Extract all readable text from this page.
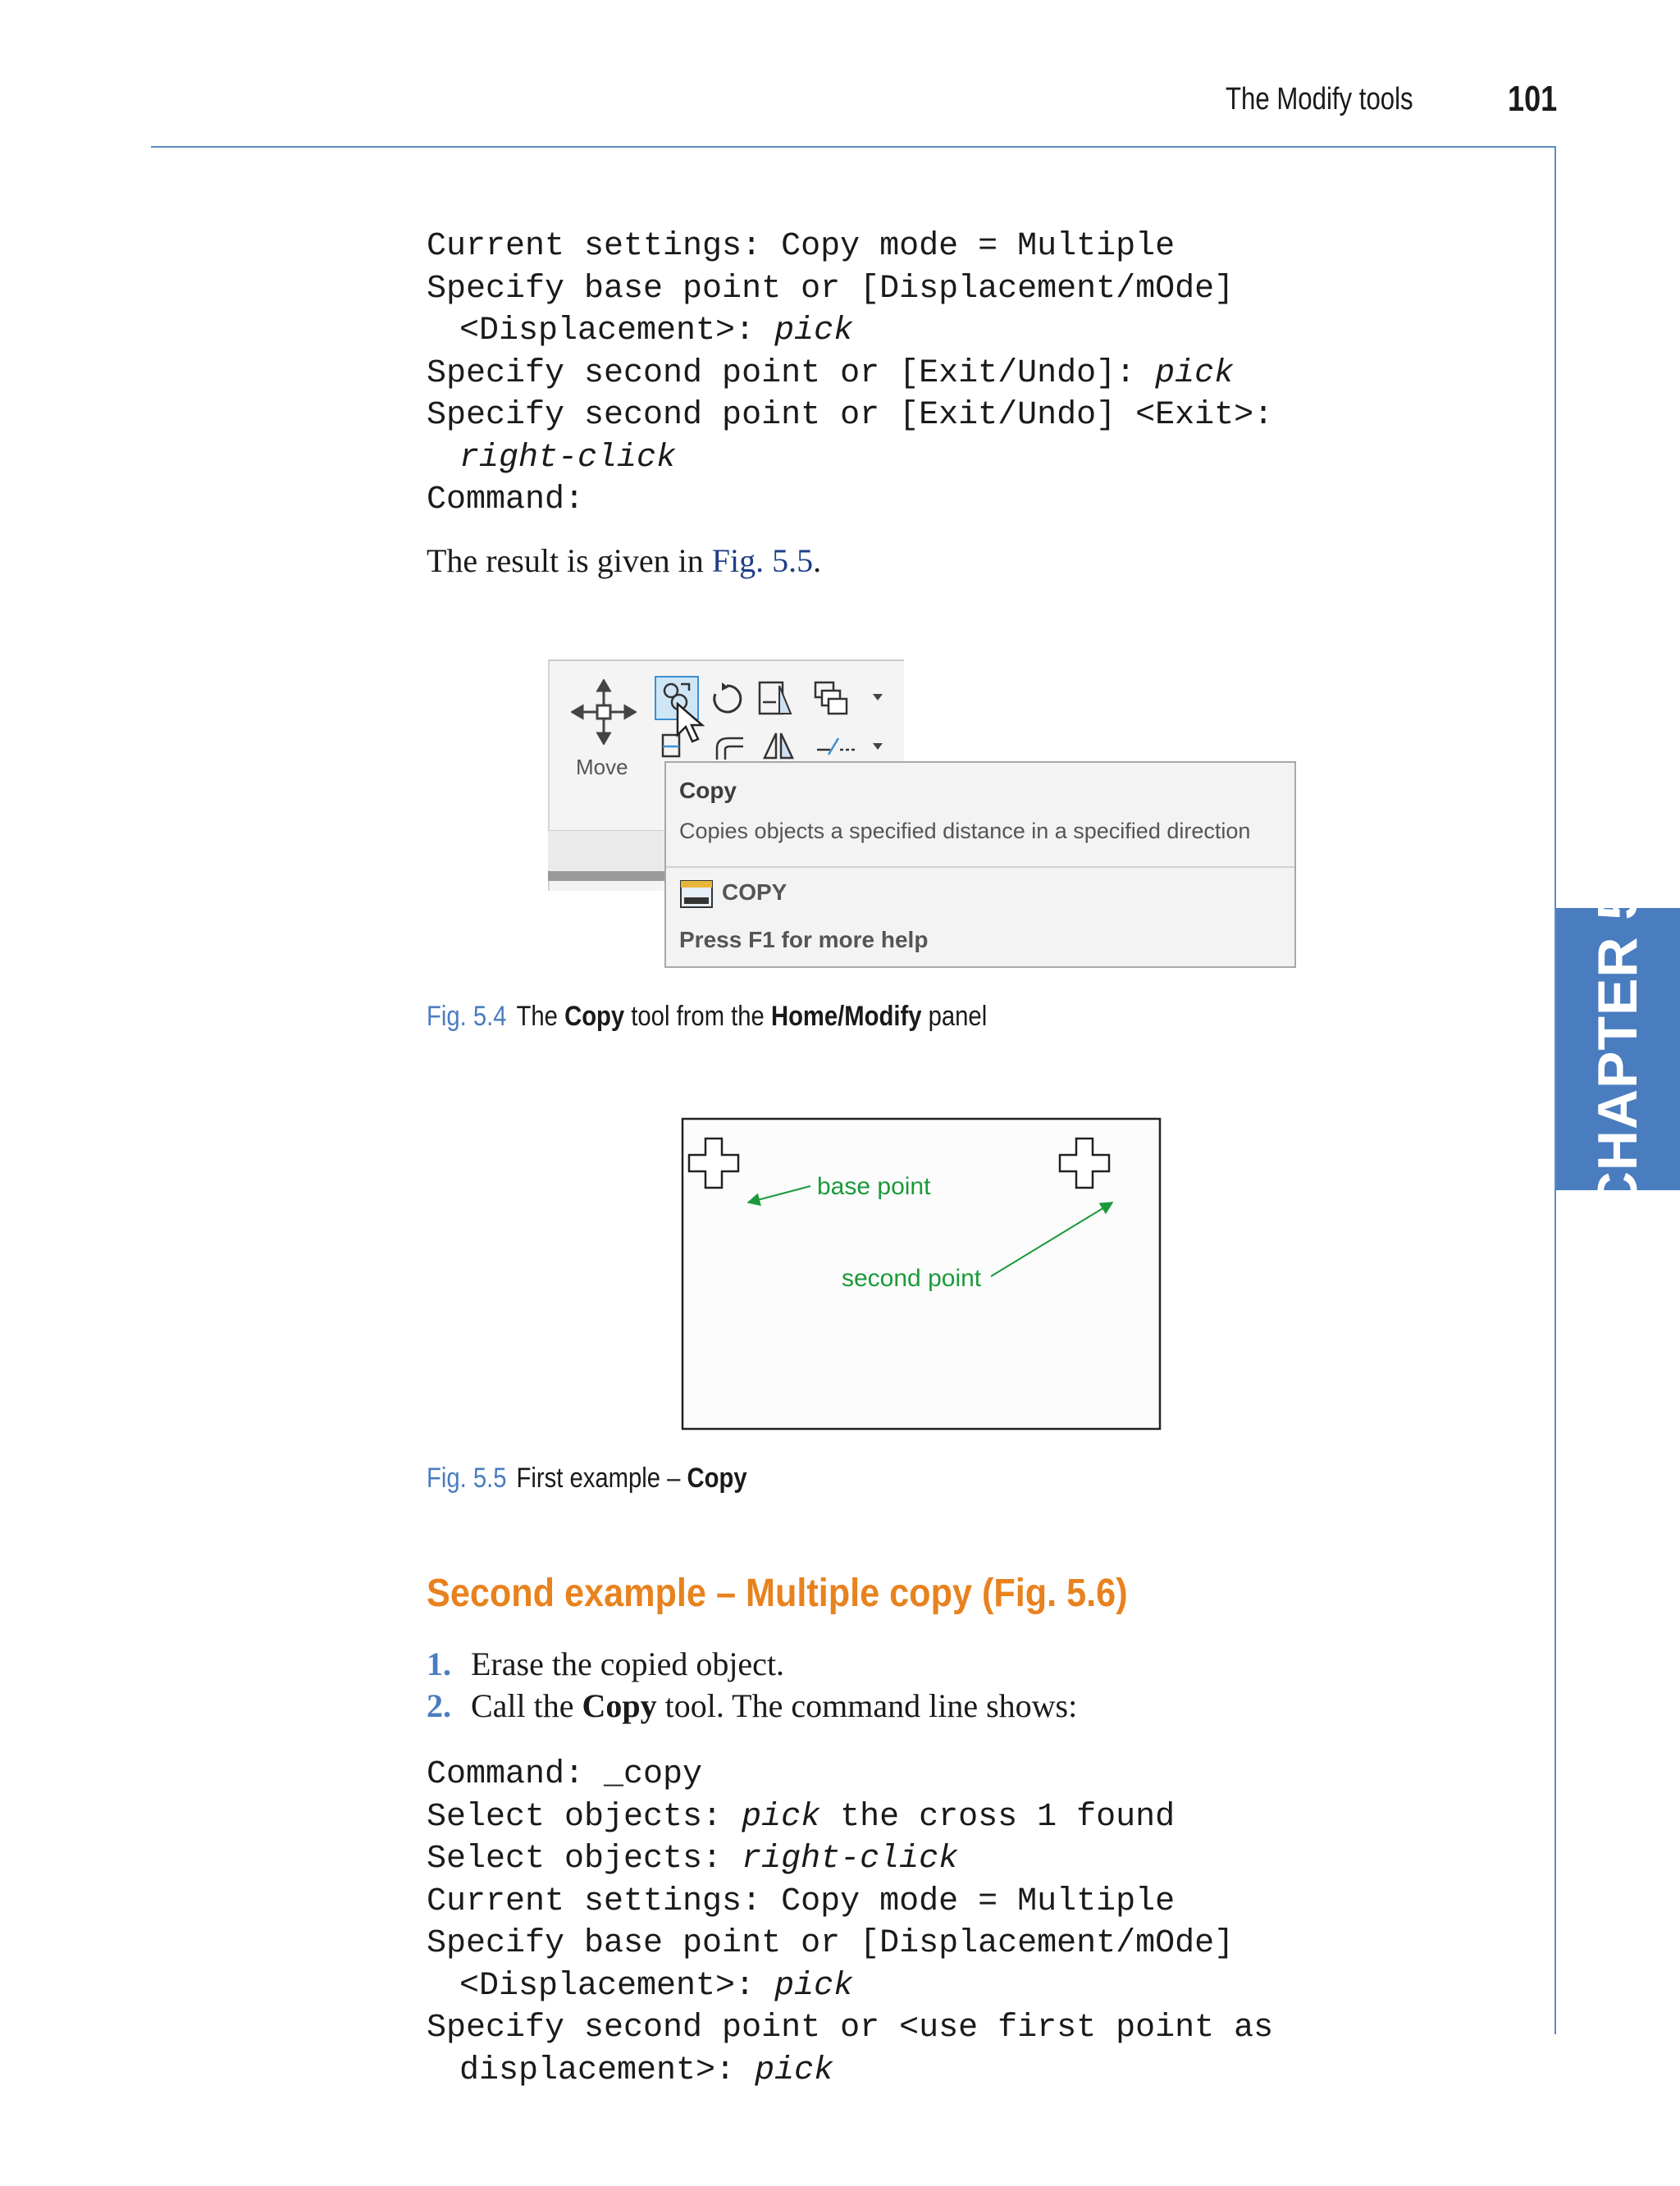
The Modify tools	101
CHAPTER 5
Current settings: Copy mode = Multiple
Specify base point or [Displacement/mOde]
<Displacement>: pick
Specify second point or [Exit/Undo]: pick
Specify second point or [Exit/Undo] <Exit>:
right-click
Command:
The result is given in Fig. 5.5.
Move
Copy
Copies objects a specified distance in a specified direction
COPY
Press F1 for more help
Fig. 5.4 The Copy tool from the Home/Modify panel
base point
second point
Fig. 5.5 First example – Copy
Second example – Multiple copy (Fig. 5.6)
1. Erase the copied object.
2. Call the Copy tool. The command line shows:
Command: _copy
Select objects: pick the cross 1 found
Select objects: right-click
Current settings: Copy mode = Multiple
Specify base point or [Displacement/mOde]
<Displacement>: pick
Specify second point or <use first point as
displacement>: pick
